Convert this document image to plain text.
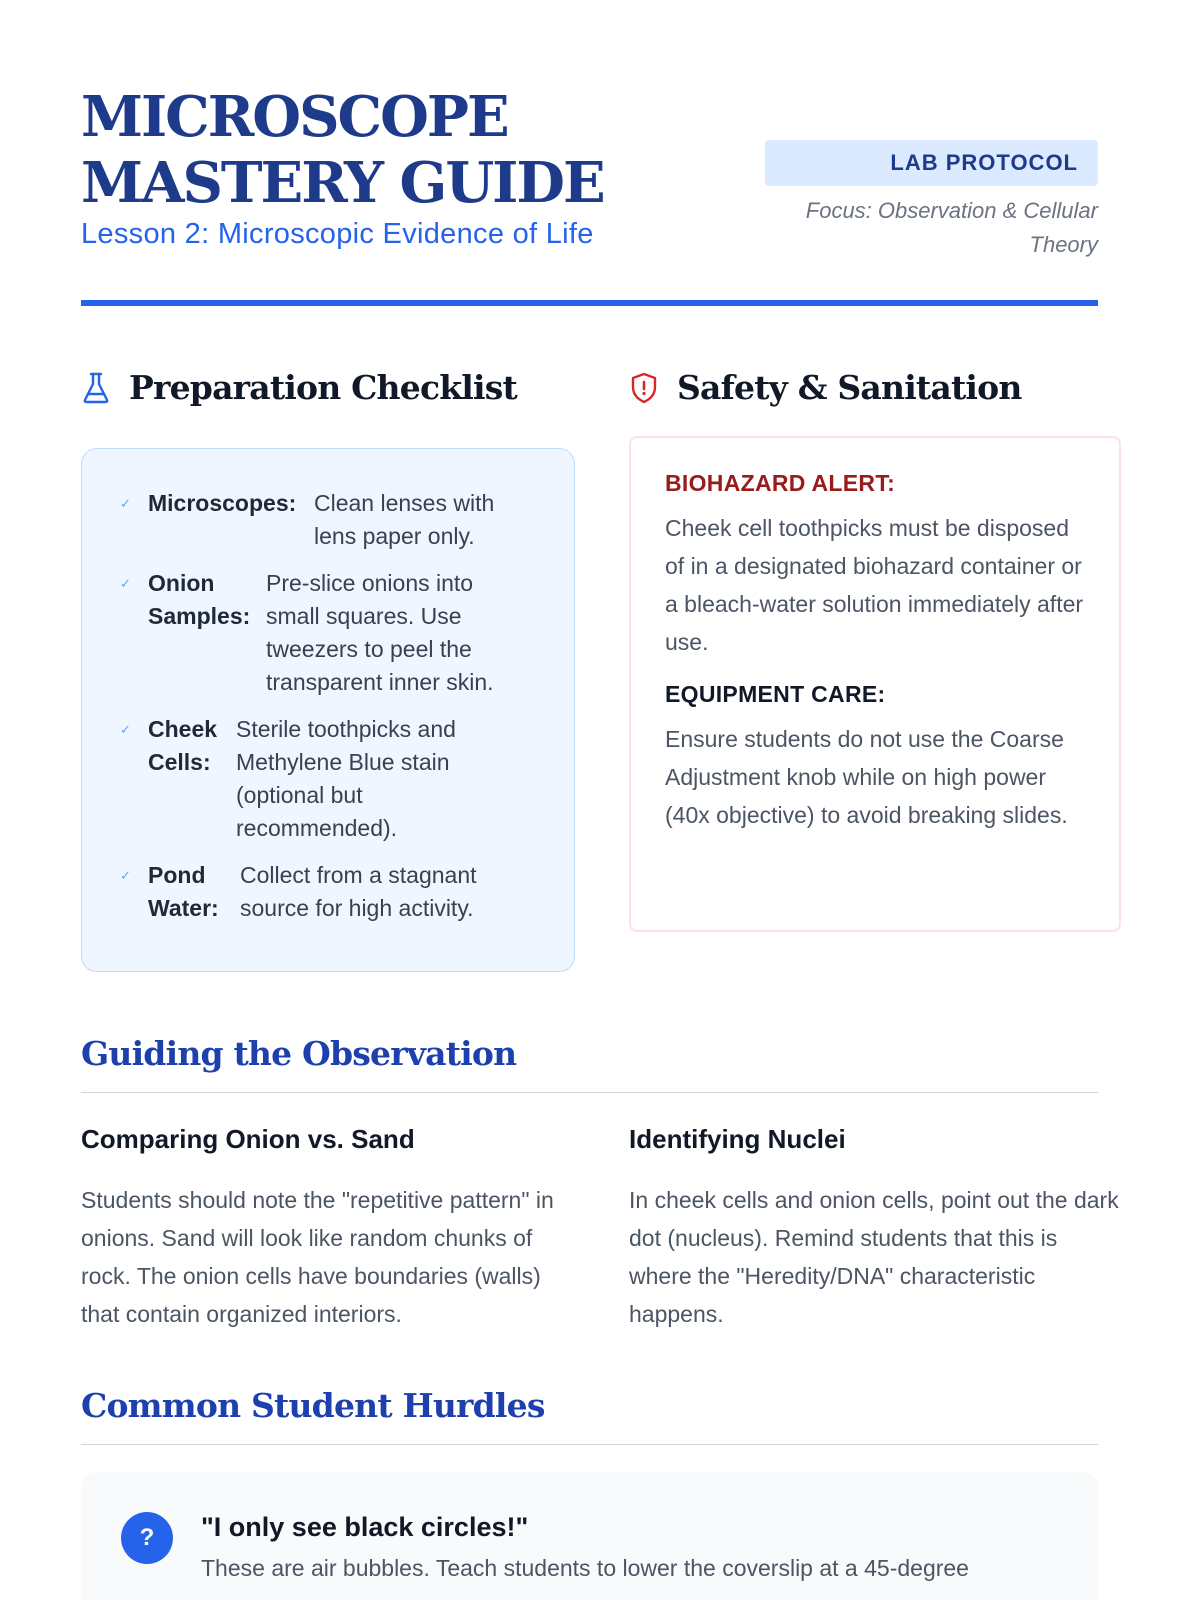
MICROSCOPE MASTERY GUIDE

Lesson 2: Microscopic Evidence of Life

LAB PROTOCOL
Focus: Observation & Cellular Theory
Preparation Checklist
✓ Microscopes: Clean lenses with lens paper only.
✓ Onion Samples:
Pre-slice onions into small squares. Use tweezers to peel the transparent inner skin.
✓ Cheek Cells:
Sterile toothpicks and Methylene Blue stain (optional but recommended).
✓ Pond Water:
Collect from a stagnant source for high activity.
Safety & Sanitation

BIOHAZARD ALERT:

Cheek cell toothpicks must be disposed of in a designated biohazard container or a bleach-water solution immediately after use.

EQUIPMENT CARE:

Ensure students do not use the Coarse Adjustment knob while on high power (40x objective) to avoid breaking slides.

Guiding the Observation
Comparing Onion vs. Sand

Students should note the "repetitive pattern" in onions. Sand will look like random chunks of rock. The onion cells have boundaries (walls) that contain organized interiors.

Identifying Nuclei

In cheek cells and onion cells, point out the dark dot (nucleus). Remind students that this is where the "Heredity/DNA" characteristic happens.

Common Student Hurdles
?	"I only see black circles!"

These are air bubbles. Teach students to lower the coverslip at a 45-degree
